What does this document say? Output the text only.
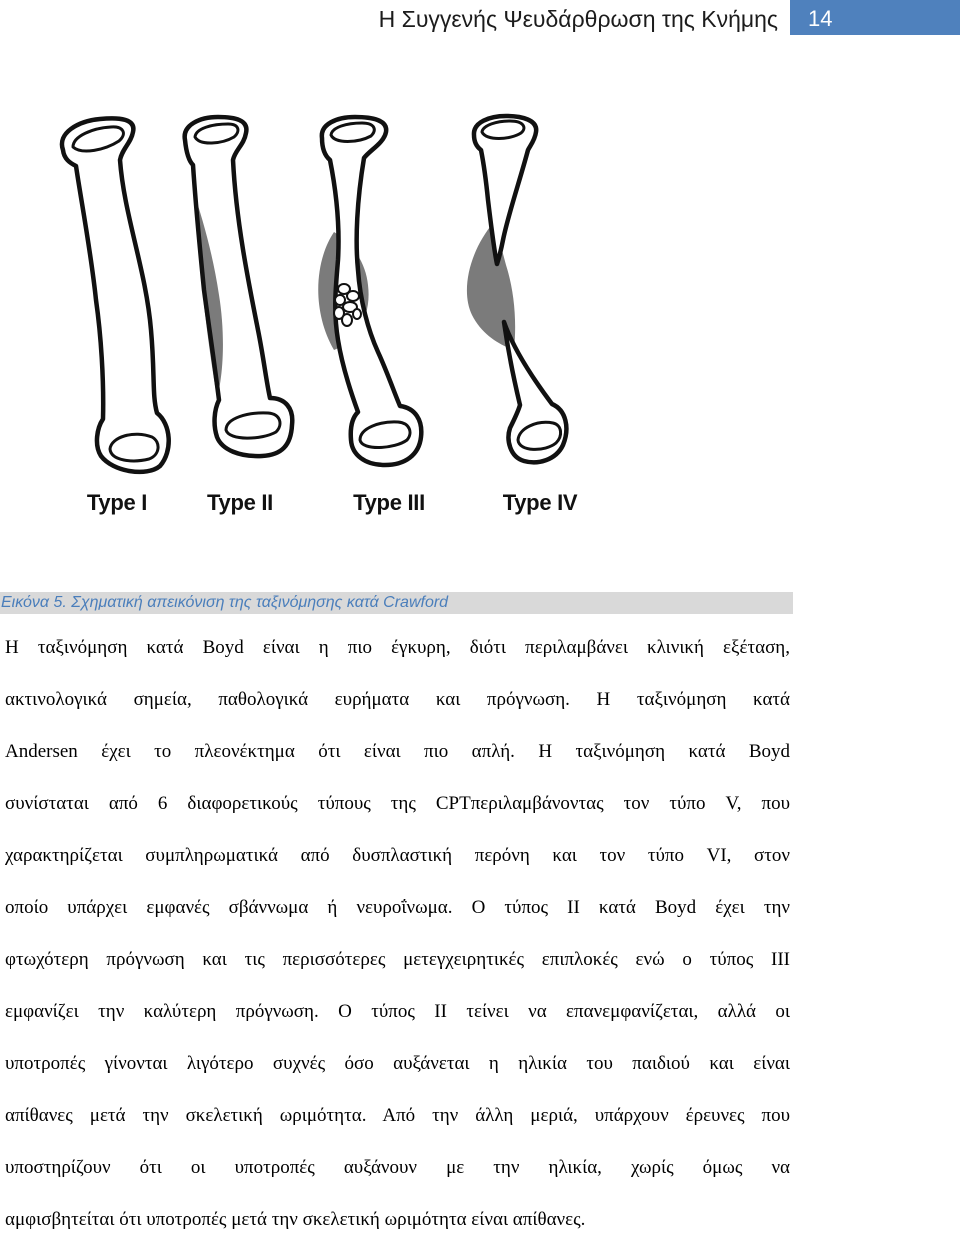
Η Συγγενής Ψευδάρθρωση της Κνήμης 14
Type I	Type II	Type III	Type IV
Εικόνα 5. Σχηματική απεικόνιση της ταξινόμησης κατά Crawford
Η ταξινόμηση κατά Boyd είναι η πιο έγκυρη, διότι περιλαμβάνει κλινική εξέταση,
ακτινολογικά σημεία, παθολογικά ευρήματα και πρόγνωση. Η ταξινόμηση κατά
Andersen έχει το πλεονέκτημα ότι είναι πιο απλή. Η ταξινόμηση κατά Boyd
συνίσταται από 6 διαφορετικούς τύπους της CPTπεριλαμβάνοντας τον τύπο V, που
χαρακτηρίζεται συμπληρωματικά από δυσπλαστική περόνη και τον τύπο VI, στον
οποίο υπάρχει εμφανές σβάννωμα ή νευροΐνωμα. Ο τύπος ΙΙ κατά Boyd έχει την
φτωχότερη πρόγνωση και τις περισσότερες μετεγχειρητικές επιπλοκές ενώ ο τύπος ΙΙΙ
εμφανίζει την καλύτερη πρόγνωση. Ο τύπος ΙΙ τείνει να επανεμφανίζεται, αλλά οι
υποτροπές γίνονται λιγότερο συχνές όσο αυξάνεται η ηλικία του παιδιού και είναι
απίθανες μετά την σκελετική ωριμότητα. Από την άλλη μεριά, υπάρχουν έρευνες που
υποστηρίζουν ότι οι υποτροπές αυξάνουν με την ηλικία, χωρίς όμως να
αμφισβητείται ότι υποτροπές μετά την σκελετική ωριμότητα είναι απίθανες.
